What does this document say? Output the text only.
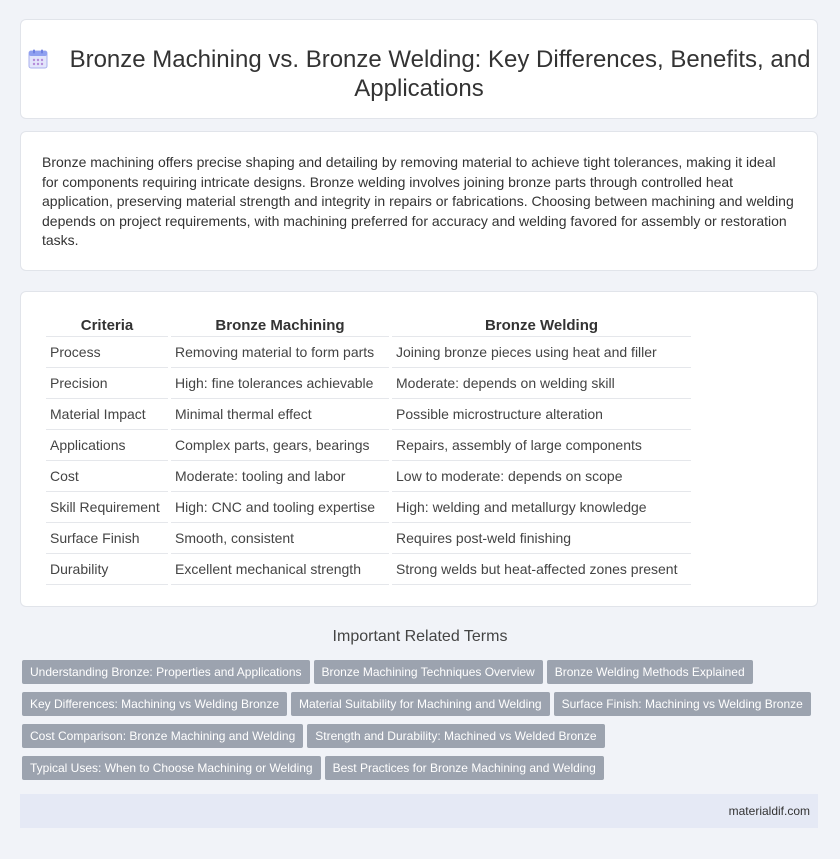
Bronze Machining vs. Bronze Welding: Key Differences, Benefits, and Applications

Bronze machining offers precise shaping and detailing by removing material to achieve tight tolerances, making it ideal for components requiring intricate designs. Bronze welding involves joining bronze parts through controlled heat application, preserving material strength and integrity in repairs or fabrications. Choosing between machining and welding depends on project requirements, with machining preferred for accuracy and welding favored for assembly or restoration tasks.

Criteria	Bronze Machining	Bronze Welding
Process	Removing material to form parts	Joining bronze pieces using heat and filler
Precision	High: fine tolerances achievable	Moderate: depends on welding skill
Material Impact	Minimal thermal effect	Possible microstructure alteration
Applications	Complex parts, gears, bearings	Repairs, assembly of large components
Cost	Moderate: tooling and labor	Low to moderate: depends on scope
Skill Requirement	High: CNC and tooling expertise	High: welding and metallurgy knowledge
Surface Finish	Smooth, consistent	Requires post-weld finishing
Durability	Excellent mechanical strength	Strong welds but heat-affected zones present
Important Related Terms
Understanding Bronze: Properties and Applications Bronze Machining Techniques Overview Bronze Welding Methods Explained
Key Differences: Machining vs Welding Bronze Material Suitability for Machining and Welding Surface Finish: Machining vs Welding Bronze
Cost Comparison: Bronze Machining and Welding Strength and Durability: Machined vs Welded Bronze
Typical Uses: When to Choose Machining or Welding Best Practices for Bronze Machining and Welding
materialdif.com
